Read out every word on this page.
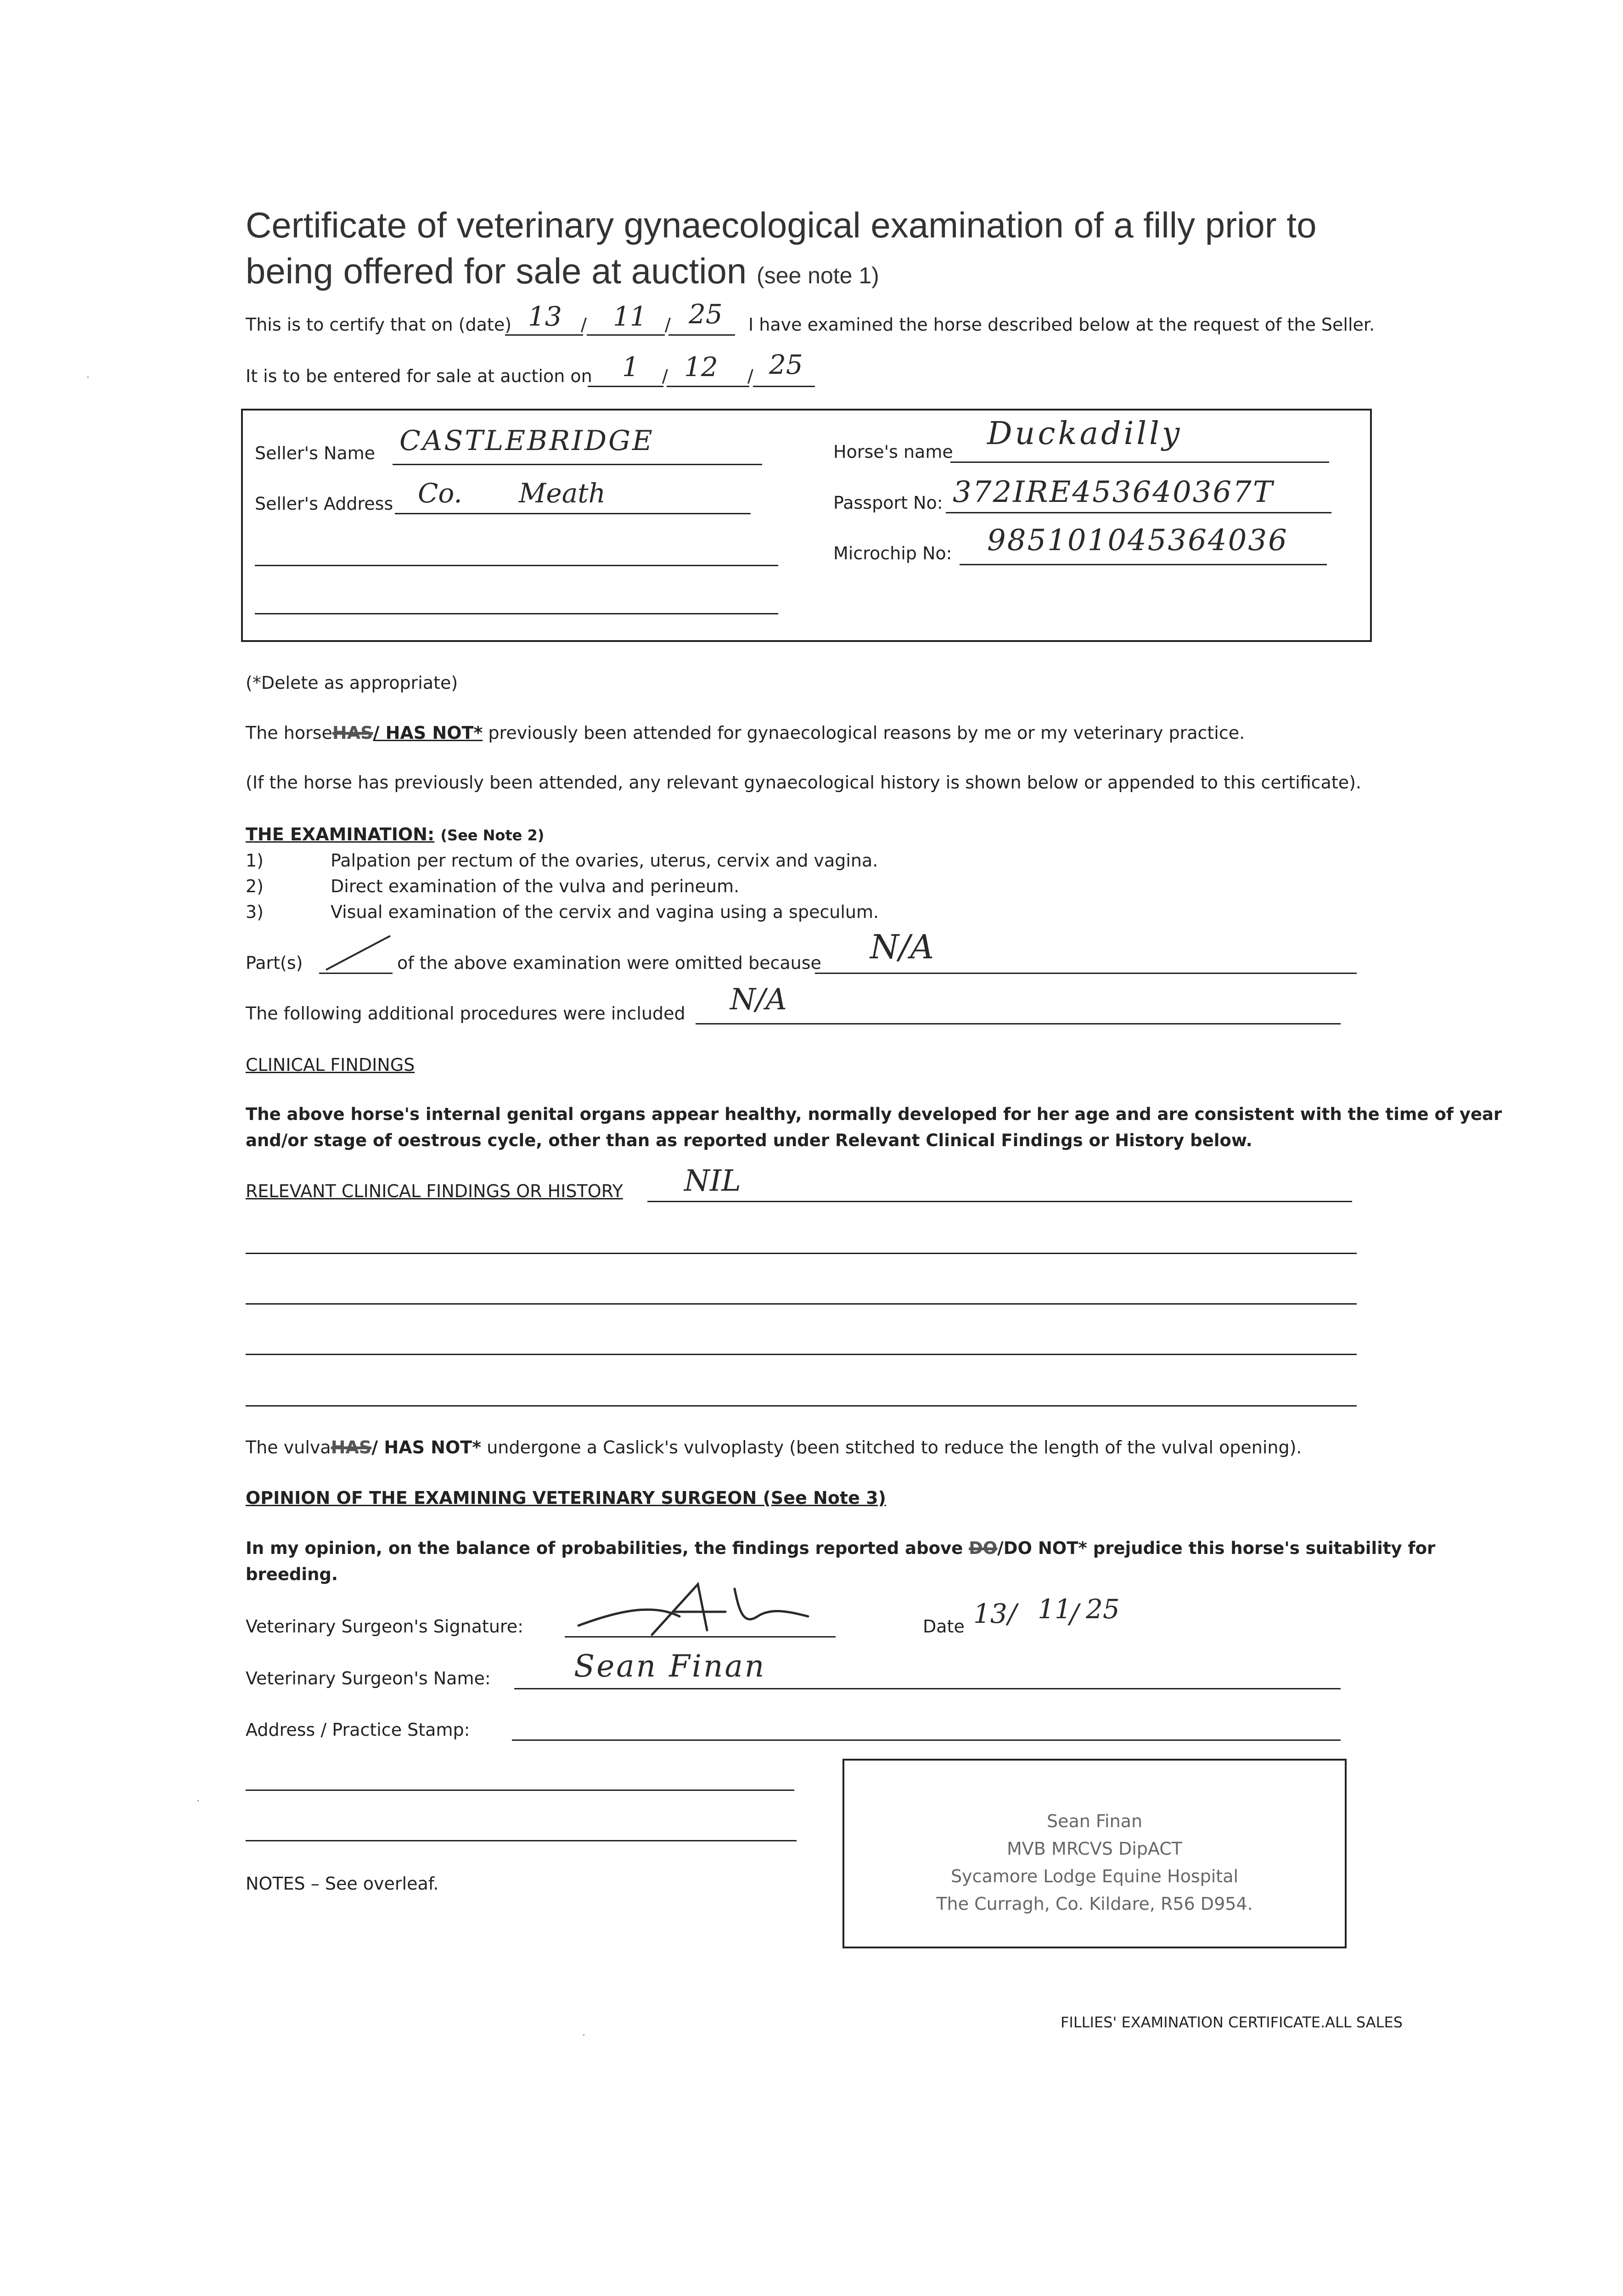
Certificate of veterinary gynaecological examination of a filly prior to
being offered for sale at auction (see note 1)
This is to certify that on (date) 13 / 11 / 25 I have examined the horse described below at the request of the Seller.
It is to be entered for sale at auction on 1 / 12 / 25
Seller's Name CASTLEBRIDGE
Seller's Address Co. Meath
Horse's name Duckadilly
Passport No: 372IRE453640367T
Microchip No: 985101045364036
(*Delete as appropriate)
The horseHAS/ HAS NOT* previously been attended for gynaecological reasons by me or my veterinary practice.
(If the horse has previously been attended, any relevant gynaecological history is shown below or appended to this certificate).
THE EXAMINATION: (See Note 2)
1)	Palpation per rectum of the ovaries, uterus, cervix and vagina.
2)	Direct examination of the vulva and perineum.
3)	Visual examination of the cervix and vagina using a speculum.
Part(s)	of the above examination were omitted because N/A
The following additional procedures were included N/A
CLINICAL FINDINGS
The above horse's internal genital organs appear healthy, normally developed for her age and are consistent with the time of year
and/or stage of oestrous cycle, other than as reported under Relevant Clinical Findings or History below.
RELEVANT CLINICAL FINDINGS OR HISTORY NIL
The vulvaHAS/ HAS NOT* undergone a Caslick's vulvoplasty (been stitched to reduce the length of the vulval opening).
OPINION OF THE EXAMINING VETERINARY SURGEON (See Note 3)
In my opinion, on the balance of probabilities, the findings reported above DO/DO NOT* prejudice this horse's suitability for
breeding.
Veterinary Surgeon's Signature:	Date 13 / 11
/ 25
Veterinary Surgeon's Name:	Sean Finan
Address / Practice Stamp:
Sean Finan
MVB MRCVS DipACT
Sycamore Lodge Equine Hospital
The Curragh, Co. Kildare, R56 D954.
NOTES – See overleaf.
FILLIES' EXAMINATION CERTIFICATE.ALL SALES
